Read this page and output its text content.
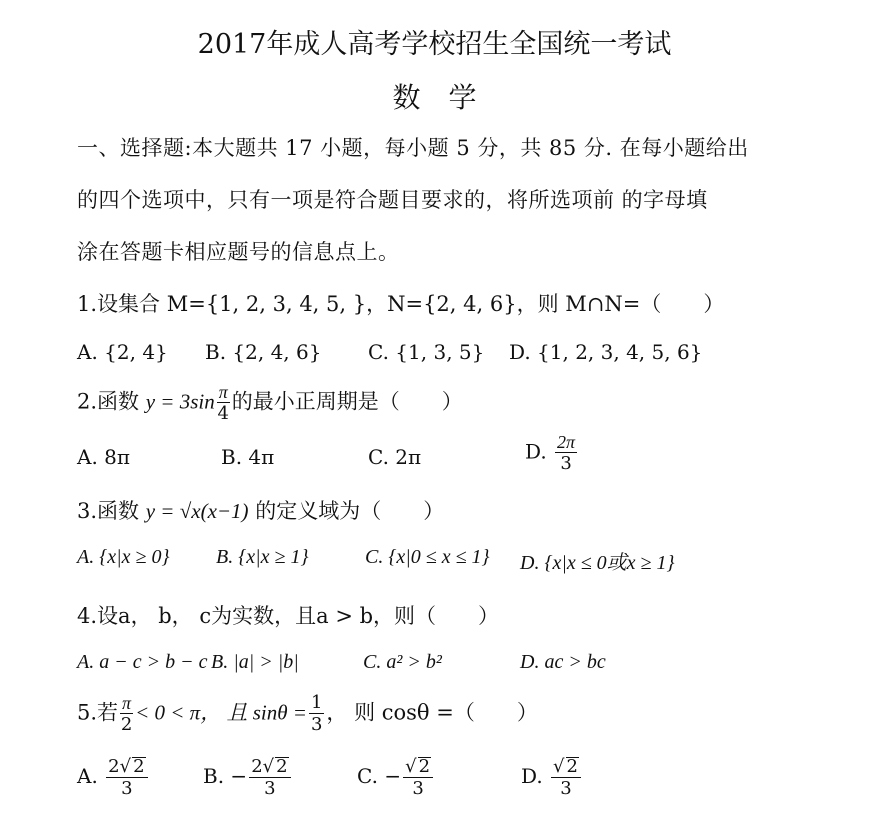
2017年成人高考学校招生全国统一考试
数学
一、选择题:本大题共 17 小题，每小题 5 分，共 85 分. 在每小题给出
的四个选项中，只有一项是符合题目要求的，将所选项前 的字母填
涂在答题卡相应题号的信息点上。
1.设集合 M={1, 2, 3, 4, 5, }，N={2, 4, 6}，则 M∩N=（　　）
A. {2, 4} B. {2, 4, 6} C. {1, 3, 5} D. {1, 2, 3, 4, 5, 6}
2.函数 $y = 3\sin \frac{\pi}{4}$ 的最小正周期是（　　）
A. 8π	B. 4π	C. 2π	D. $\frac{2\pi}{3}$
3.函数 y = √x(x−1) 的定义域为（　　）
A. {x|x ≥ 0} B. {x|x ≥ 1}	C. {x|0 ≤ x ≤ 1} D. {x|x ≤ 0或x ≥ 1}
4.设a， b， c为实数，且a > b，则（　　）
A. a − c > b − c B. |a| > |b|	C. a² > b²	D. ac > bc
5.若 $\frac{\pi}{2} < 0 < \pi$， 且 $\sin\theta = \frac{1}{3}$ ， 则 cosθ =（　　）
A. $\frac{2√ 2}{3}$	B. − $\frac{2√ 2}{3}$	C. − $\frac{√ 2}{3}$	D. $\frac{√ 2}{3}$
